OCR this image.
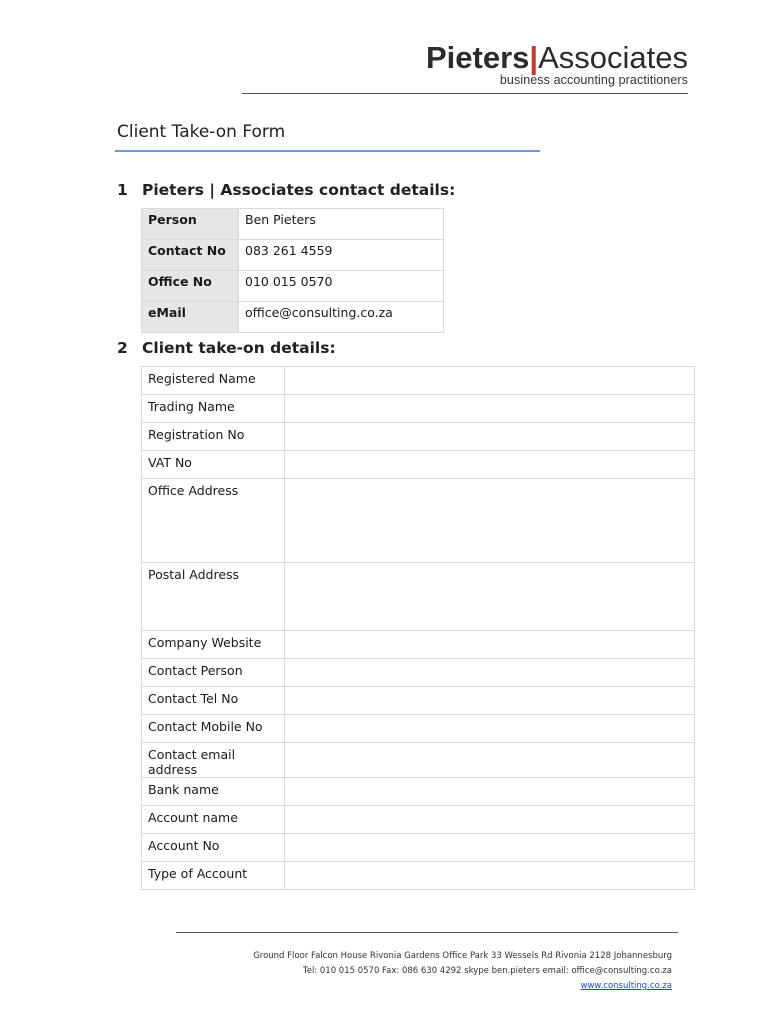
Pieters|Associates
business accounting practitioners
Client Take-on Form
1 Pieters | Associates contact details:
Person	Ben Pieters
Contact No	083 261 4559
Office No	010 015 0570
eMail	office@consulting.co.za
2 Client take-on details:
Registered Name	
Trading Name	
Registration No	
VAT No	
Office Address	
Postal Address	
Company Website	
Contact Person	
Contact Tel No	
Contact Mobile No	
Contact email address	
Bank name	
Account name	
Account No	
Type of Account	
Ground Floor Falcon House Rivonia Gardens Office Park 33 Wessels Rd Rivonia 2128 Johannesburg
Tel: 010 015 0570 Fax: 086 630 4292 skype ben.pieters email: office@consulting.co.za
www.consulting.co.za
